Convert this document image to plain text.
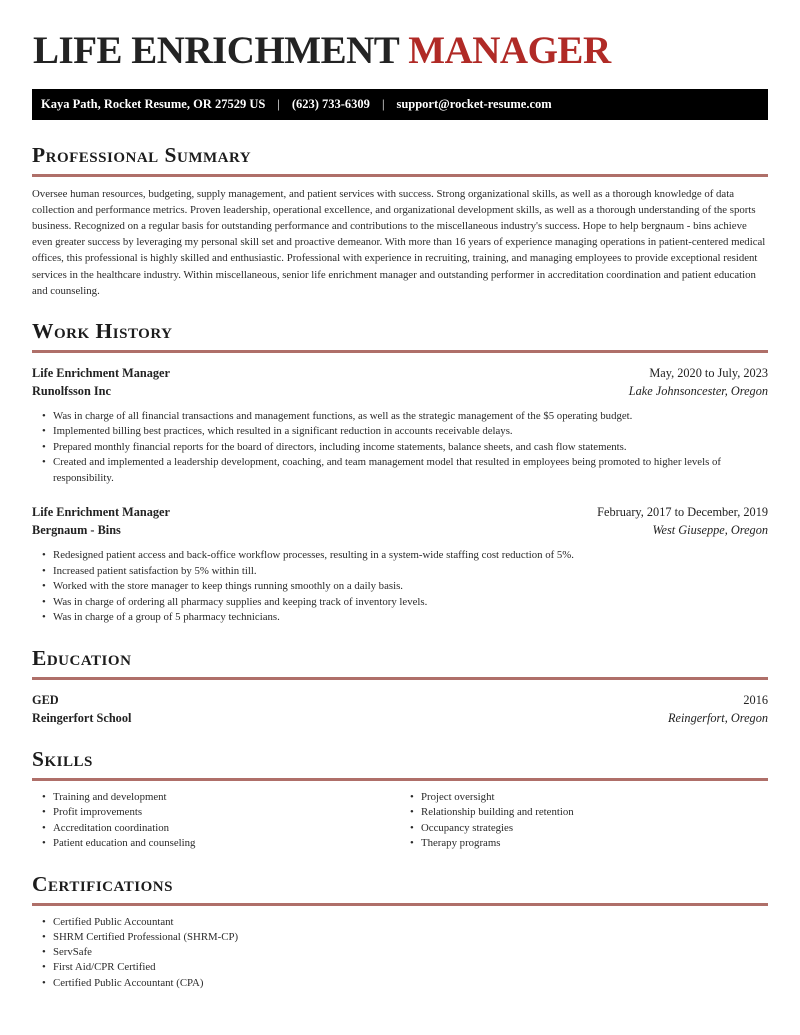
LIFE ENRICHMENT MANAGER
Kaya Path, Rocket Resume, OR 27529 US | (623) 733-6309 | support@rocket-resume.com
Professional Summary

Oversee human resources, budgeting, supply management, and patient services with success. Strong organizational skills, as well as a thorough knowledge of data collection and performance metrics. Proven leadership, operational excellence, and organizational development skills, as well as a thorough understanding of the sports business. Recognized on a regular basis for outstanding performance and contributions to the miscellaneous industry's success. Hope to help bergnaum - bins achieve even greater success by leveraging my personal skill set and proactive demeanor. With more than 16 years of experience managing operations in patient-centered medical offices, this professional is highly skilled and enthusiastic. Professional with experience in recruiting, training, and managing employees to provide exceptional resident services in the healthcare industry. Within miscellaneous, senior life enrichment manager and outstanding performer in accreditation coordination and patient education and counseling.

Work History
Life Enrichment Manager	May, 2020 to July, 2023
Runolfsson Inc	Lake Johnsoncester, Oregon
• Was in charge of all financial transactions and management functions, as well as the strategic management of the $5 operating budget.
• Implemented billing best practices, which resulted in a significant reduction in accounts receivable delays.
• Prepared monthly financial reports for the board of directors, including income statements, balance sheets, and cash flow statements.
• Created and implemented a leadership development, coaching, and team management model that resulted in employees being promoted to higher levels of responsibility.
Life Enrichment Manager	February, 2017 to December, 2019
Bergnaum - Bins	West Giuseppe, Oregon
• Redesigned patient access and back-office workflow processes, resulting in a system-wide staffing cost reduction of 5%.
• Increased patient satisfaction by 5% within till.
• Worked with the store manager to keep things running smoothly on a daily basis.
• Was in charge of ordering all pharmacy supplies and keeping track of inventory levels.
• Was in charge of a group of 5 pharmacy technicians.
Education
GED	2016
Reingerfort School	Reingerfort, Oregon
Skills
• Training and development
• Profit improvements
• Accreditation coordination
• Patient education and counseling
• Project oversight
• Relationship building and retention
• Occupancy strategies
• Therapy programs
Certifications
• Certified Public Accountant
• SHRM Certified Professional (SHRM-CP)
• ServSafe
• First Aid/CPR Certified
• Certified Public Accountant (CPA)
